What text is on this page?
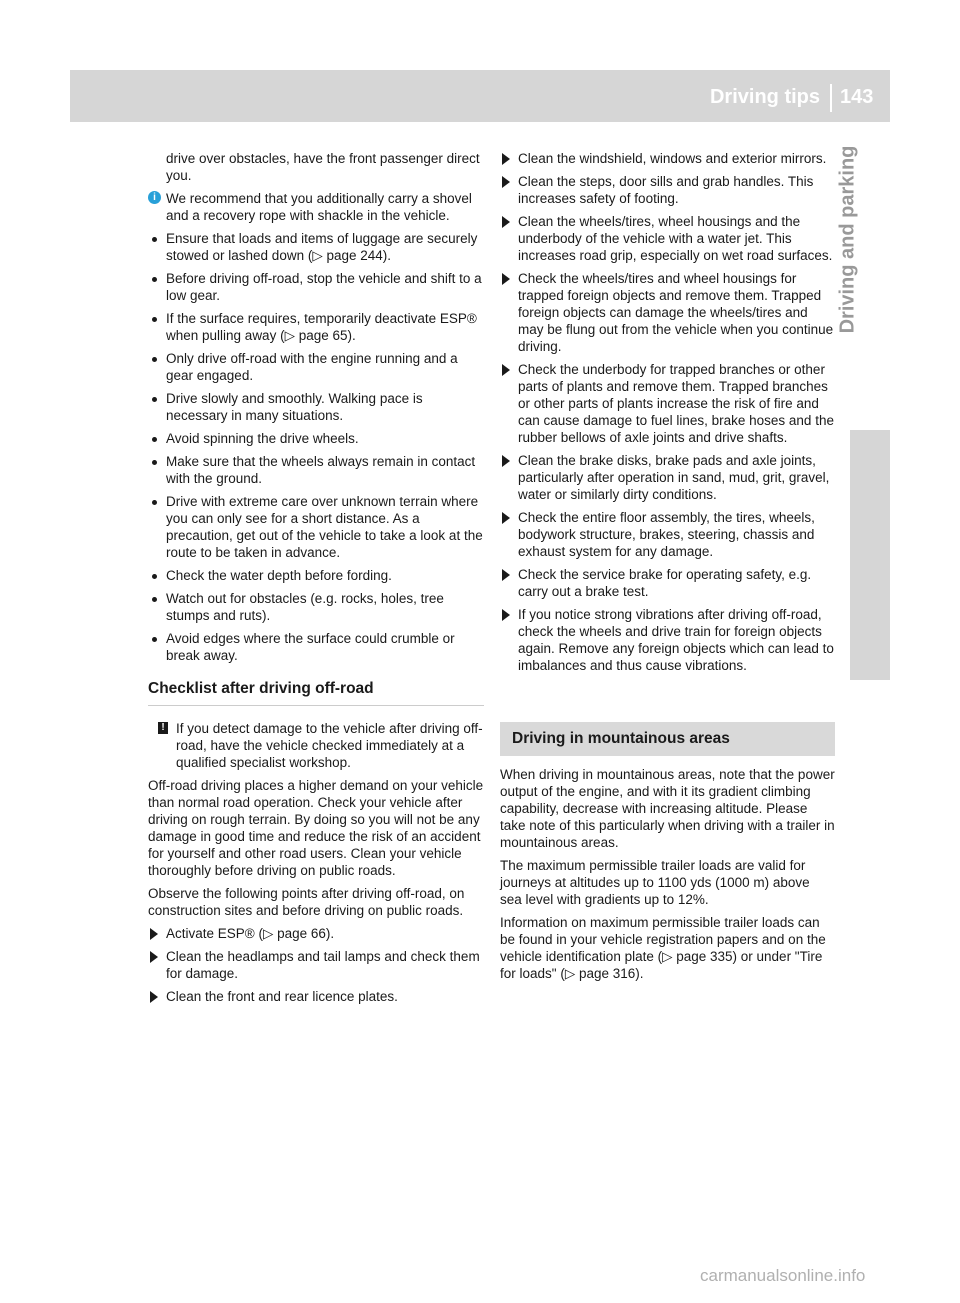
Driving tips 143
Driving and parking

drive over obstacles, have the front passenger direct you.

i We recommend that you additionally carry a shovel and a recovery rope with shackle in the vehicle.
Ensure that loads and items of luggage are securely stowed or lashed down (▷ page 244).
Before driving off-road, stop the vehicle and shift to a low gear.
If the surface requires, temporarily deactivate ESP® when pulling away (▷ page 65).
Only drive off-road with the engine running and a gear engaged.
Drive slowly and smoothly. Walking pace is necessary in many situations.
Avoid spinning the drive wheels.
Make sure that the wheels always remain in contact with the ground.
Drive with extreme care over unknown terrain where you can only see for a short distance. As a precaution, get out of the vehicle to take a look at the route to be taken in advance.
Check the water depth before fording.
Watch out for obstacles (e.g. rocks, holes, tree stumps and ruts).
Avoid edges where the surface could crumble or break away.
Checklist after driving off-road
! If you detect damage to the vehicle after driving off-road, have the vehicle checked immediately at a qualified specialist workshop.

Off-road driving places a higher demand on your vehicle than normal road operation. Check your vehicle after driving on rough terrain. By doing so you will not be any damage in good time and reduce the risk of an accident for yourself and other road users. Clean your vehicle thoroughly before driving on public roads.

Observe the following points after driving off-road, on construction sites and before driving on public roads.

Activate ESP® (▷ page 66).
Clean the headlamps and tail lamps and check them for damage.
Clean the front and rear licence plates.
Clean the windshield, windows and exterior mirrors.
Clean the steps, door sills and grab handles. This increases safety of footing.
Clean the wheels/tires, wheel housings and the underbody of the vehicle with a water jet. This increases road grip, especially on wet road surfaces.
Check the wheels/tires and wheel housings for trapped foreign objects and remove them. Trapped foreign objects can damage the wheels/tires and may be flung out from the vehicle when you continue driving.
Check the underbody for trapped branches or other parts of plants and remove them. Trapped branches or other parts of plants increase the risk of fire and can cause damage to fuel lines, brake hoses and the rubber bellows of axle joints and drive shafts.
Clean the brake disks, brake pads and axle joints, particularly after operation in sand, mud, grit, gravel, water or similarly dirty conditions.
Check the entire floor assembly, the tires, wheels, bodywork structure, brakes, steering, chassis and exhaust system for any damage.
Check the service brake for operating safety, e.g. carry out a brake test.
If you notice strong vibrations after driving off-road, check the wheels and drive train for foreign objects again. Remove any foreign objects which can lead to imbalances and thus cause vibrations.
Driving in mountainous areas

When driving in mountainous areas, note that the power output of the engine, and with it its gradient climbing capability, decrease with increasing altitude. Please take note of this particularly when driving with a trailer in mountainous areas.

The maximum permissible trailer loads are valid for journeys at altitudes up to 1100 yds (1000 m) above sea level with gradients up to 12%.

Information on maximum permissible trailer loads can be found in your vehicle registration papers and on the vehicle identification plate (▷ page 335) or under "Tire for loads" (▷ page 316).

carmanualsonline.info
